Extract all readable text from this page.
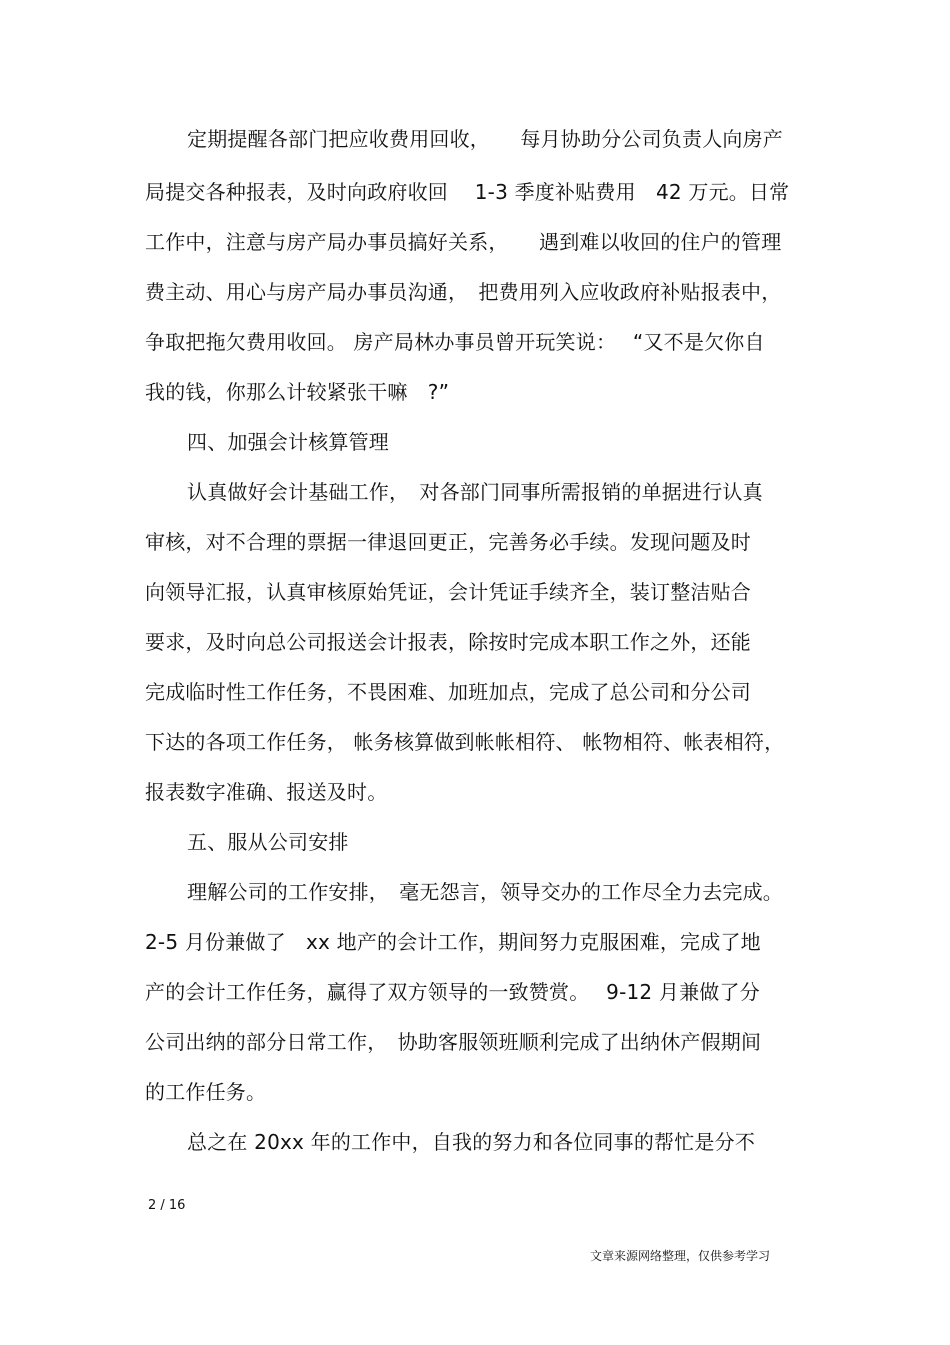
定期提醒各部门把应收费用回收，　　每月协助分公司负责人向房产
局提交各种报表，及时向政府收回　 1-3 季度补贴费用　42 万元。日常
工作中，注意与房产局办事员搞好关系，　　遇到难以收回的住户的管理
费主动、用心与房产局办事员沟通，　把费用列入应收政府补贴报表中，
争取把拖欠费用收回。 房产局林办事员曾开玩笑说：　 “又不是欠你自
我的钱，你那么计较紧张干嘛　?”
四、加强会计核算管理
认真做好会计基础工作，　对各部门同事所需报销的单据进行认真
审核，对不合理的票据一律退回更正，完善务必手续。发现问题及时
向领导汇报，认真审核原始凭证，会计凭证手续齐全，装订整洁贴合
要求，及时向总公司报送会计报表，除按时完成本职工作之外，还能
完成临时性工作任务，不畏困难、加班加点，完成了总公司和分公司
下达的各项工作任务， 帐务核算做到帐帐相符、 帐物相符、帐表相符，
报表数字准确、报送及时。
五、服从公司安排
理解公司的工作安排，　毫无怨言，领导交办的工作尽全力去完成。
2-5 月份兼做了　xx 地产的会计工作，期间努力克服困难，完成了地
产的会计工作任务，赢得了双方领导的一致赞赏。　 9-12 月兼做了分
公司出纳的部分日常工作，　协助客服领班顺利完成了出纳休产假期间
的工作任务。
总之在 20xx 年的工作中，自我的努力和各位同事的帮忙是分不
2 / 16
文章来源网络整理，仅供参考学习
